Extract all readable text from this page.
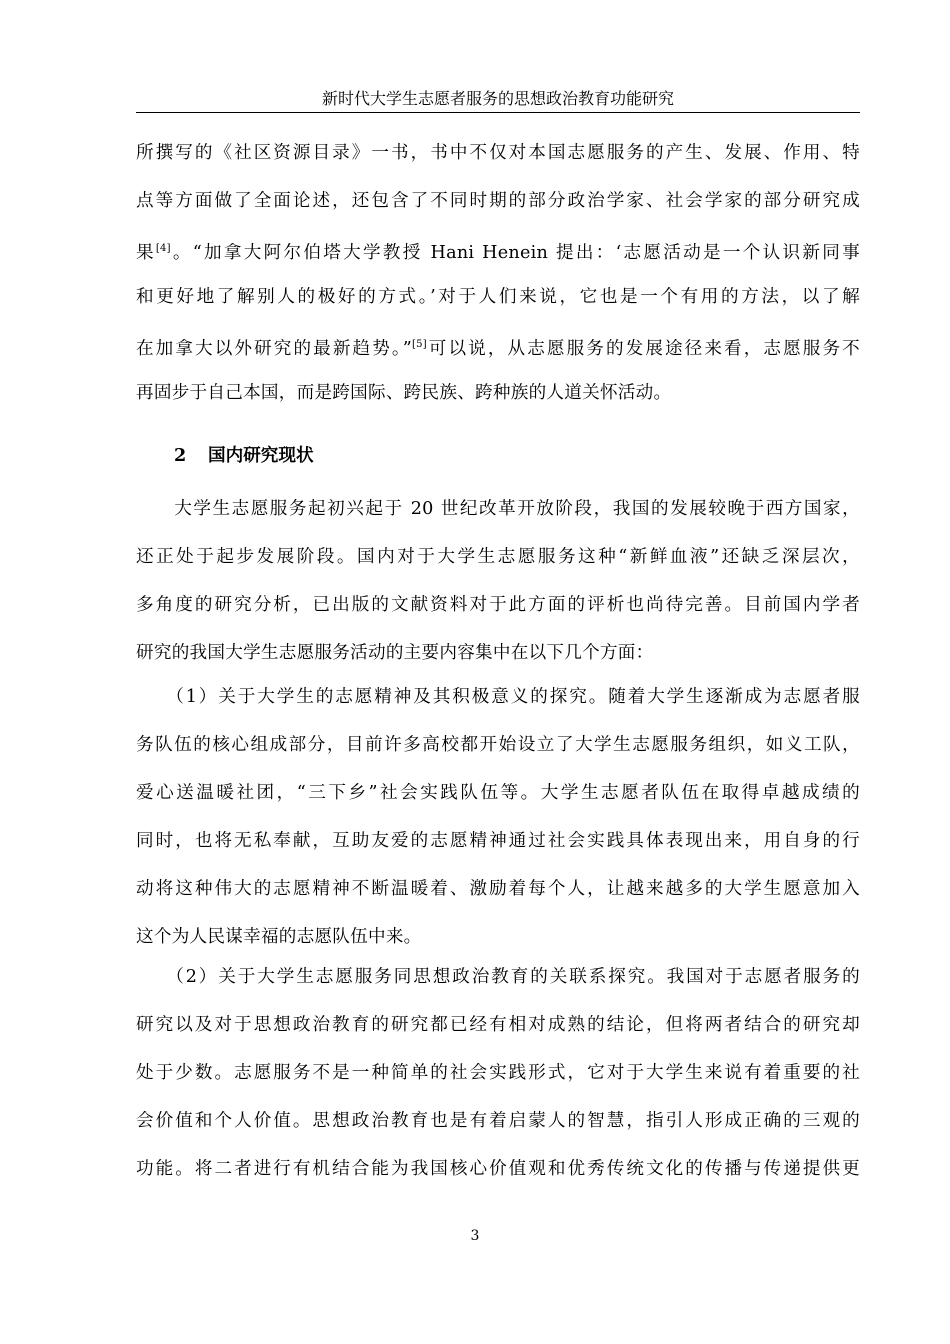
新时代大学生志愿者服务的思想政治教育功能研究
所撰写的《社区资源目录》一书，书中不仅对本国志愿服务的产生、发展、作用、特
点等方面做了全面论述，还包含了不同时期的部分政治学家、社会学家的部分研究成
果[4]。“加拿大阿尔伯塔大学教授 Hani Henein 提出：‘志愿活动是一个认识新同事
和更好地了解别人的极好的方式。’对于人们来说，它也是一个有用的方法，以了解
在加拿大以外研究的最新趋势。”[5]可以说，从志愿服务的发展途径来看，志愿服务不
再固步于自己本国，而是跨国际、跨民族、跨种族的人道关怀活动。
2 国内研究现状
　　大学生志愿服务起初兴起于 20 世纪改革开放阶段，我国的发展较晚于西方国家，
还正处于起步发展阶段。国内对于大学生志愿服务这种“新鲜血液”还缺乏深层次，
多角度的研究分析，已出版的文献资料对于此方面的评析也尚待完善。目前国内学者
研究的我国大学生志愿服务活动的主要内容集中在以下几个方面：
　　（1）关于大学生的志愿精神及其积极意义的探究。随着大学生逐渐成为志愿者服
务队伍的核心组成部分，目前许多高校都开始设立了大学生志愿服务组织，如义工队，
爱心送温暖社团，“三下乡”社会实践队伍等。大学生志愿者队伍在取得卓越成绩的
同时，也将无私奉献，互助友爱的志愿精神通过社会实践具体表现出来，用自身的行
动将这种伟大的志愿精神不断温暖着、激励着每个人，让越来越多的大学生愿意加入
这个为人民谋幸福的志愿队伍中来。
　　（2）关于大学生志愿服务同思想政治教育的关联系探究。我国对于志愿者服务的
研究以及对于思想政治教育的研究都已经有相对成熟的结论，但将两者结合的研究却
处于少数。志愿服务不是一种简单的社会实践形式，它对于大学生来说有着重要的社
会价值和个人价值。思想政治教育也是有着启蒙人的智慧，指引人形成正确的三观的
功能。将二者进行有机结合能为我国核心价值观和优秀传统文化的传播与传递提供更
3
